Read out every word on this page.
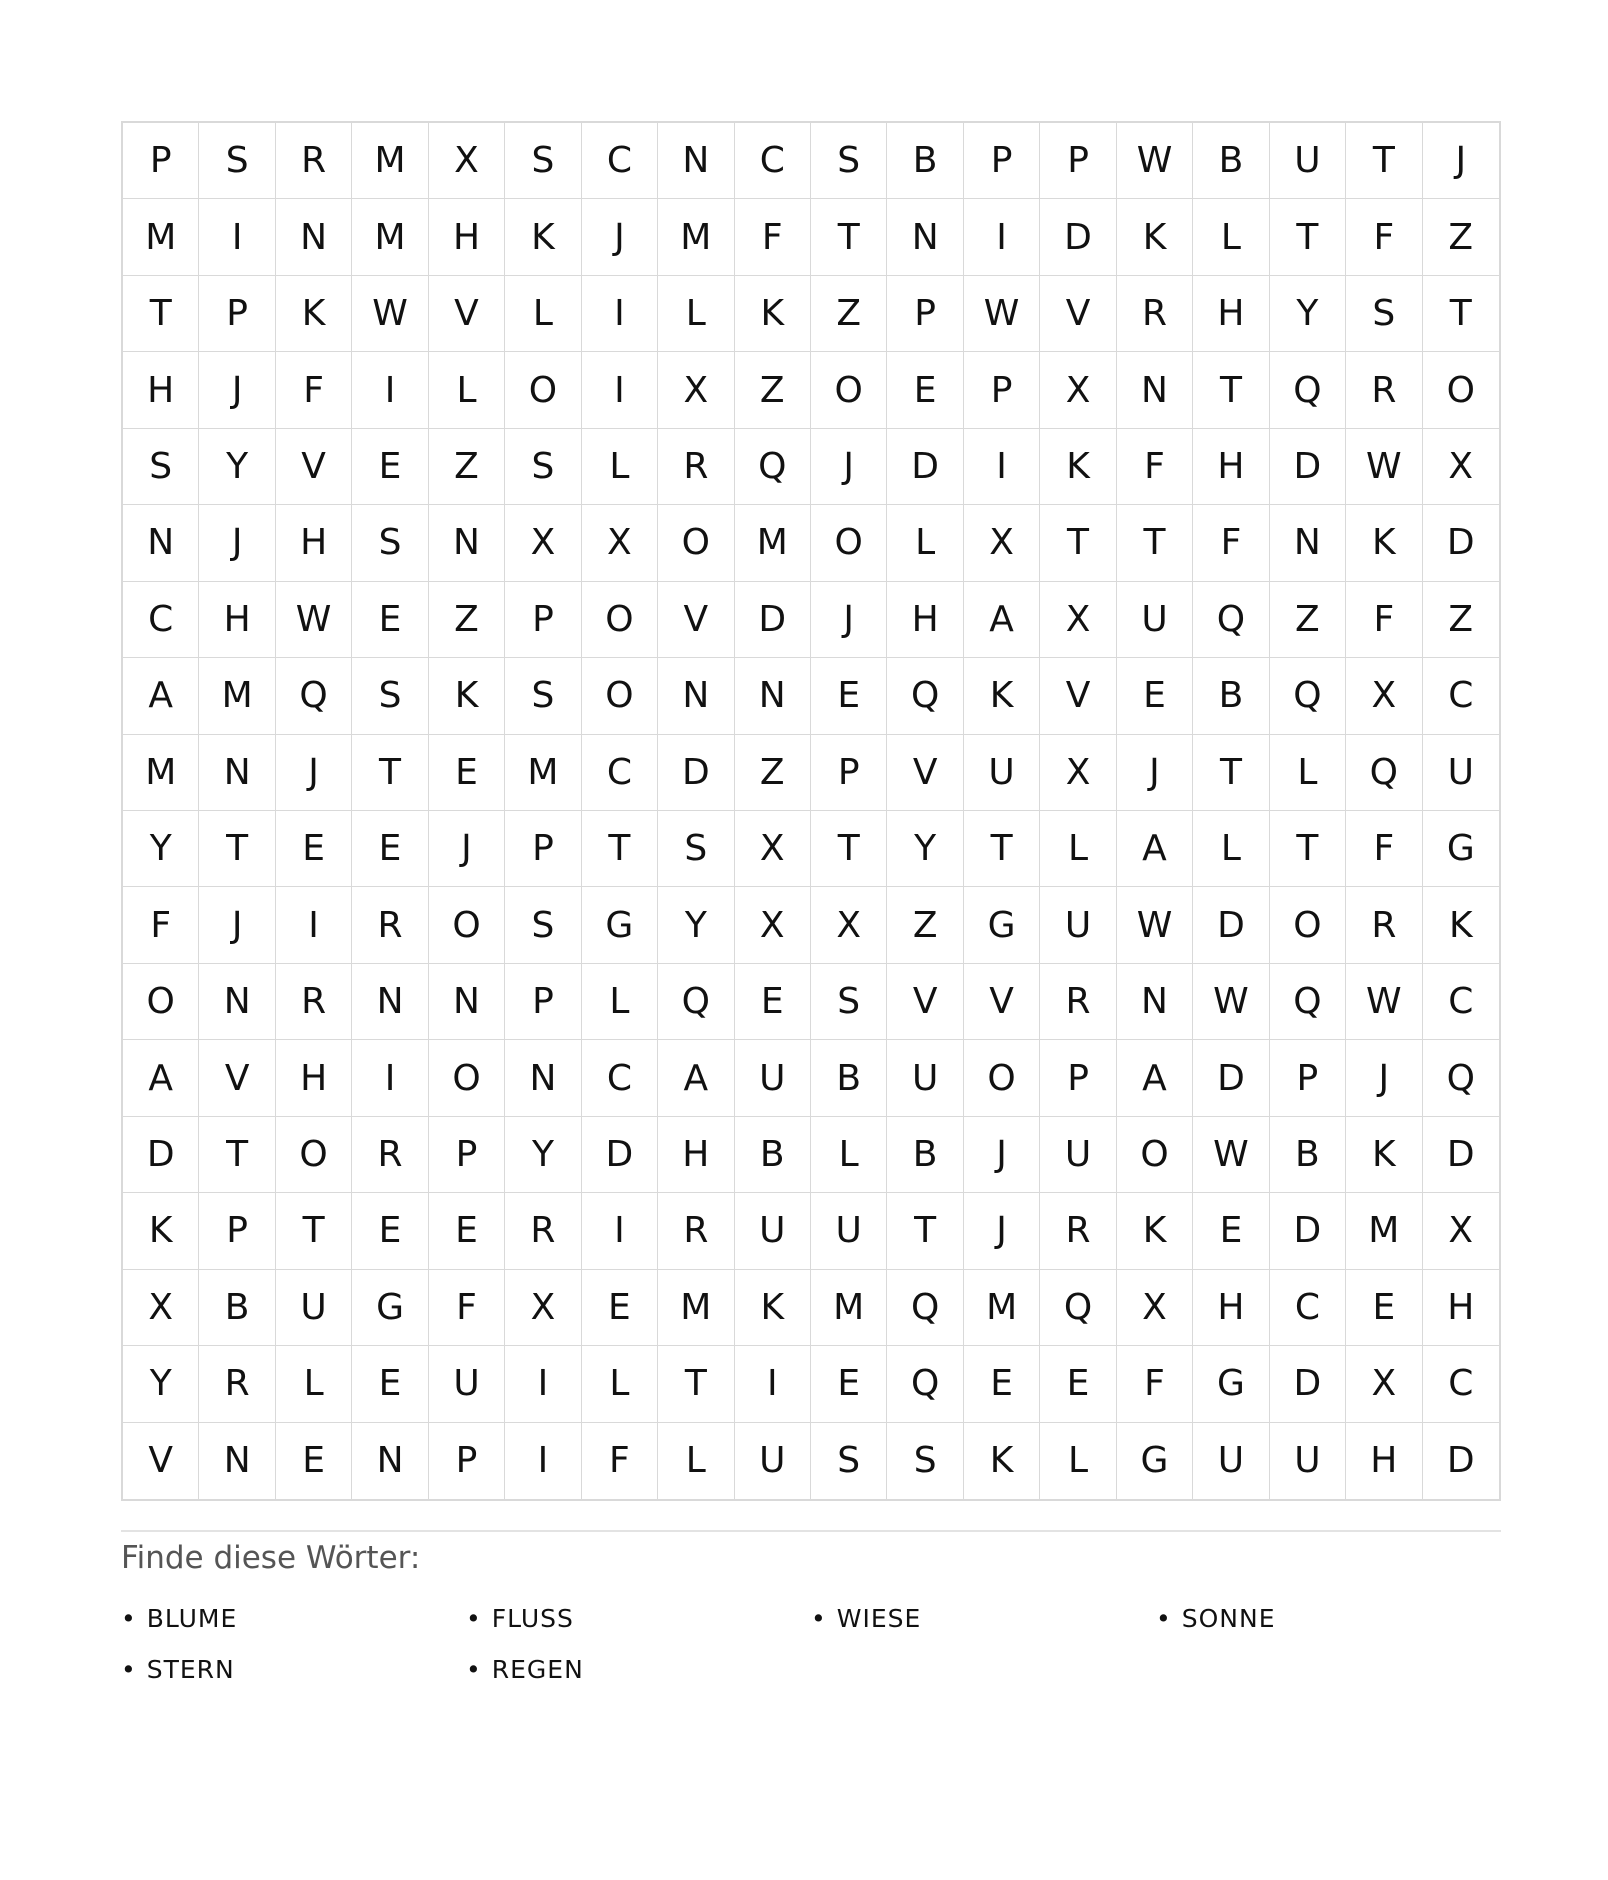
P	S	R	M	X	S	C	N	C	S	B	P	P	W	B	U	T	J
M	I	N	M	H	K	J	M	F	T	N	I	D	K	L	T	F	Z
T	P	K	W	V	L	I	L	K	Z	P	W	V	R	H	Y	S	T
H	J	F	I	L	O	I	X	Z	O	E	P	X	N	T	Q	R	O
S	Y	V	E	Z	S	L	R	Q	J	D	I	K	F	H	D	W	X
N	J	H	S	N	X	X	O	M	O	L	X	T	T	F	N	K	D
C	H	W	E	Z	P	O	V	D	J	H	A	X	U	Q	Z	F	Z
A	M	Q	S	K	S	O	N	N	E	Q	K	V	E	B	Q	X	C
M	N	J	T	E	M	C	D	Z	P	V	U	X	J	T	L	Q	U
Y	T	E	E	J	P	T	S	X	T	Y	T	L	A	L	T	F	G
F	J	I	R	O	S	G	Y	X	X	Z	G	U	W	D	O	R	K
O	N	R	N	N	P	L	Q	E	S	V	V	R	N	W	Q	W	C
A	V	H	I	O	N	C	A	U	B	U	O	P	A	D	P	J	Q
D	T	O	R	P	Y	D	H	B	L	B	J	U	O	W	B	K	D
K	P	T	E	E	R	I	R	U	U	T	J	R	K	E	D	M	X
X	B	U	G	F	X	E	M	K	M	Q	M	Q	X	H	C	E	H
Y	R	L	E	U	I	L	T	I	E	Q	E	E	F	G	D	X	C
V	N	E	N	P	I	F	L	U	S	S	K	L	G	U	U	H	D
Finde diese Wörter:
• BLUME	• FLUSS	• WIESE	• SONNE
• STERN	• REGEN
